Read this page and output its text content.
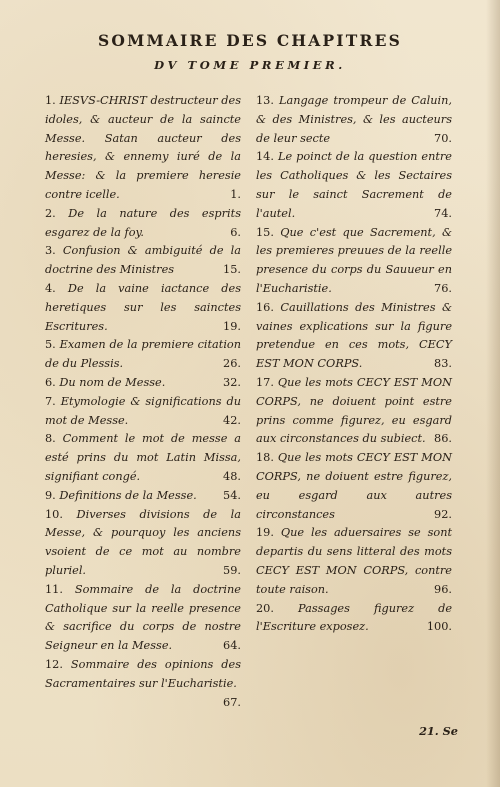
SOMMAIRE DES CHAPITRES
DV TOME PREMIER.

1. IESVS-CHRIST destructeur des idoles, & aucteur de la saincte Messe. Satan aucteur des heresies, & ennemy iuré de la Messe: & la premiere heresie contre icelle.	1.

2. De la nature des esprits esgarez de la foy.	6.

3. Confusion & ambiguité de la doctrine des Ministres	15.

4. De la vaine iactance des heretiques sur les sainctes Escritures.	19.

5. Examen de la premiere citation de du Plessis.	26.

6. Du nom de Messe.	32.

7. Etymologie & significations du mot de Messe.	42.

8. Comment le mot de messe a esté prins du mot Latin Missa, signifiant congé.	48.

9. Definitions de la Messe.	54.

10. Diverses divisions de la Messe, & pourquoy les anciens vsoient de ce mot au nombre pluriel.	59.

11. Sommaire de la doctrine Catholique sur la reelle presence & sacrifice du corps de nostre Seigneur en la Messe.	64.

12. Sommaire des opinions des Sacramentaires sur l'Eucharistie.
67.

13. Langage trompeur de Caluin, & des Ministres, & les aucteurs de leur secte	70.

14. Le poinct de la question entre les Catholiques & les Sectaires sur le sainct Sacrement de l'autel.	74.

15. Que c'est que Sacrement, & les premieres preuues de la reelle presence du corps du Sauueur en l'Eucharistie.	76.

16. Cauillations des Ministres & vaines explications sur la figure pretendue en ces mots, CECY EST MON CORPS.	83.

17. Que les mots CECY EST MON CORPS, ne doiuent point estre prins comme figurez, eu esgard aux circonstances du subiect. 86.

18. Que les mots CECY EST MON CORPS, ne doiuent estre figurez, eu esgard aux autres circonstances	92.

19. Que les aduersaires se sont departis du sens litteral des mots CECY EST MON CORPS, contre toute raison.	96.

20. Passages figurez de l'Escriture exposez.	100.

21. Se
